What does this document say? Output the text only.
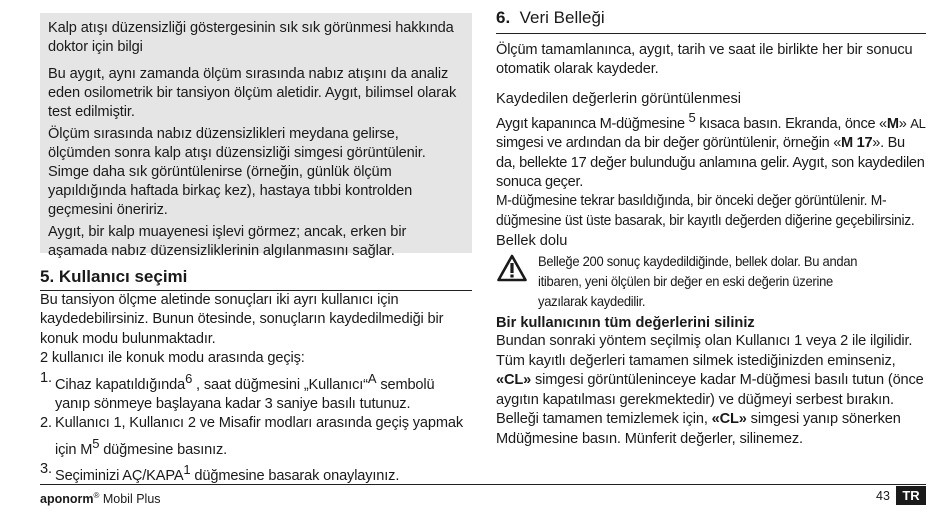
Kalp atışı düzensizliği göstergesinin sık sık görünmesi hakkında doktor için bilgi

Bu aygıt, aynı zamanda ölçüm sırasında nabız atışını da analiz eden osilometrik bir tansiyon ölçüm aletidir. Aygıt, bilimsel olarak test edilmiştir.

Ölçüm sırasında nabız düzensizlikleri meydana gelirse, ölçümden sonra kalp atışı düzensizliği simgesi görüntülenir. Simge daha sık görüntülenirse (örneğin, günlük ölçüm yapıldığında haftada birkaç kez), hastaya tıbbi kontrolden geçmesini öneririz.

Aygıt, bir kalp muayenesi işlevi görmez; ancak, erken bir aşamada nabız düzensizliklerinin algılanmasını sağlar.

5. Kullanıcı seçimi

Bu tansiyon ölçme aletinde sonuçları iki ayrı kullanıcı için kaydedebilirsiniz. Bunun ötesinde, sonuçların kaydedilmediği bir konuk modu bulunmaktadır.

2 kullanıcı ile konuk modu arasında geçiş:

1. Cihaz kapatıldığında$^6$ , saat düğmesini „Kullanıcı“$^A$ sembolü yanıp sönmeye başlayana kadar 3 saniye basılı tutunuz.
2. Kullanıcı 1, Kullanıcı 2 ve Misafir modları arasında geçiş yapmak için $M^5$ düğmesine basınız.
3. Seçiminizi AÇ/KAPA$^1$ düğmesine basarak onaylayınız.
6. Veri Belleği
Ölçüm tamamlanınca, aygıt, tarih ve saat ile birlikte her bir sonucu otomatik olarak kaydeder.
Kaydedilen değerlerin görüntülenmesi

Aygıt kapanınca M-düğmesine $^5$ kısaca basın. Ekranda, önce «M» AL simgesi ve ardından da bir değer görüntülenir, örneğin «M 17». Bu da, bellekte 17 değer bulunduğu anlamına gelir. Aygıt, son kaydedilen sonuca geçer.

M-düğmesine tekrar basıldığında, bir önceki değer görüntülenir. M-düğmesine üst üste basarak, bir kayıtlı değerden diğerine geçebilirsiniz.

Bellek dolu
Belleğe 200 sonuç kaydedildiğinde, bellek dolar. Bu andan itibaren, yeni ölçülen bir değer en eski değerin üzerine yazılarak kaydedilir.
Bir kullanıcının tüm değerlerini siliniz

Bundan sonraki yöntem seçilmiş olan Kullanıcı 1 veya 2 ile ilgilidir. Tüm kayıtlı değerleri tamamen silmek istediğinizden eminseniz, «CL» simgesi görüntüleninceye kadar M-düğmesi basılı tutun (önce aygıtın kapatılması gerekmektedir) ve düğmeyi serbest bırakın. Belleği tamamen temizlemek için, «CL» simgesi yanıp sönerken Mdüğmesine basın. Münferit değerler, silinemez.

aponorm® Mobil Plus	43 TR
